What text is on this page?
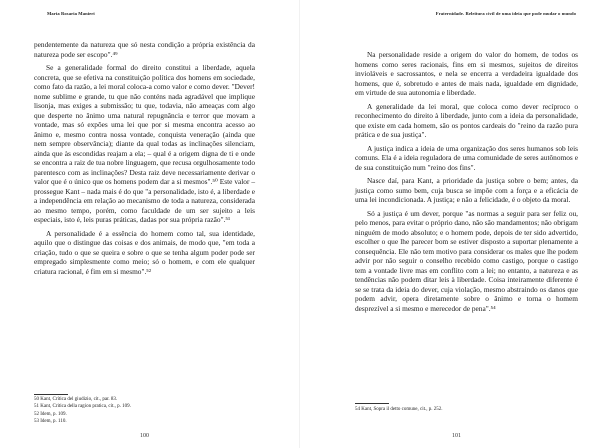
Maria Rosaria Manieri

pendentemente da natureza que só nesta condição a própria existência da natureza pode ser escopo".⁴⁹

Se a generalidade formal do direito constitui a liberdade, aquela concreta, que se efetiva na constituição política dos homens em sociedade, como fato da razão, a lei moral coloca-a como valor e como dever. "Dever! nome sublime e grande, tu que não conténs nada agradável que implique lisonja, mas exiges a submissão; tu que, todavia, não ameaças com algo que desperte no ânimo uma natural repugnância e terror que movam a vontade, mas só expões uma lei que por si mesma encontra acesso ao ânimo e, mesmo contra nossa vontade, conquista veneração (ainda que nem sempre observância); diante da qual todas as inclinações silenciam, ainda que às escondidas reajam a ela; – qual é a origem digna de ti e onde se encontra a raiz de tua nobre linguagem, que recusa orgulhosamente todo parentesco com as inclinações? Desta raiz deve necessariamente derivar o valor que é o único que os homens podem dar a si mesmos".⁵⁰ Este valor – prossegue Kant – nada mais é do que "a personalidade, isto é, a liberdade e a independência em relação ao mecanismo de toda a natureza, considerada ao mesmo tempo, porém, como faculdade de um ser sujeito a leis especiais, isto é, leis puras práticas, dadas por sua própria razão".⁵¹

A personalidade é a essência do homem como tal, sua identidade, aquilo que o distingue das coisas e dos animais, de modo que, "em toda a criação, tudo o que se queira e sobre o que se tenha algum poder pode ser empregado simplesmente como meio; só o homem, e com ele qualquer criatura racional, é fim em si mesmo".⁵²

50 Kant, Crítica del giudizio, cit., par. 83.
51 Kant, Critica della ragion pratica, cit., p. 109.
52 Idem, p. 109.
53 Idem, p. 110.
100
Fraternidade. Releitura civil de uma ideia que pode mudar o mundo

Na personalidade reside a origem do valor do homem, de todos os homens como seres racionais, fins em si mesmos, sujeitos de direitos invioláveis e sacrossantos, e nela se encerra a verdadeira igualdade dos homens, que é, sobretudo e antes de mais nada, igualdade em dignidade, em virtude de sua autonomia e liberdade.

A generalidade da lei moral, que coloca como dever recíproco o reconhecimento do direito à liberdade, junto com a ideia da personalidade, que existe em cada homem, são os pontos cardeais do "reino da razão pura prática e de sua justiça".

A justiça indica a ideia de uma organização dos seres humanos sob leis comuns. Ela é a ideia reguladora de uma comunidade de seres autônomos e de sua constituição num "reino dos fins".

Nasce daí, para Kant, a prioridade da justiça sobre o bem; antes, da justiça como sumo bem, cuja busca se impõe com a força e a eficácia de uma lei incondicionada. A justiça; e não a felicidade, é o objeto da moral.

Só a justiça é um dever, porque "as normas a seguir para ser feliz ou, pelo menos, para evitar o próprio dano, não são mandamentos; não obrigam ninguém de modo absoluto; e o homem pode, depois de ter sido advertido, escolher o que lhe parecer bom se estiver disposto a suportar plenamente a consequência. Ele não tem motivo para considerar os males que lhe podem advir por não seguir o conselho recebido como castigo, porque o castigo tem a vontade livre mas em conflito com a lei; no entanto, a natureza e as tendências não podem ditar leis à liberdade. Coisa inteiramente diferente é se se trata da ideia do dever, cuja violação, mesmo abstraindo os danos que podem advir, opera diretamente sobre o ânimo e torna o homem desprezível a si mesmo e merecedor de pena".⁵⁴

54 Kant, Sopra il detto comune, cit., p. 252.
101
